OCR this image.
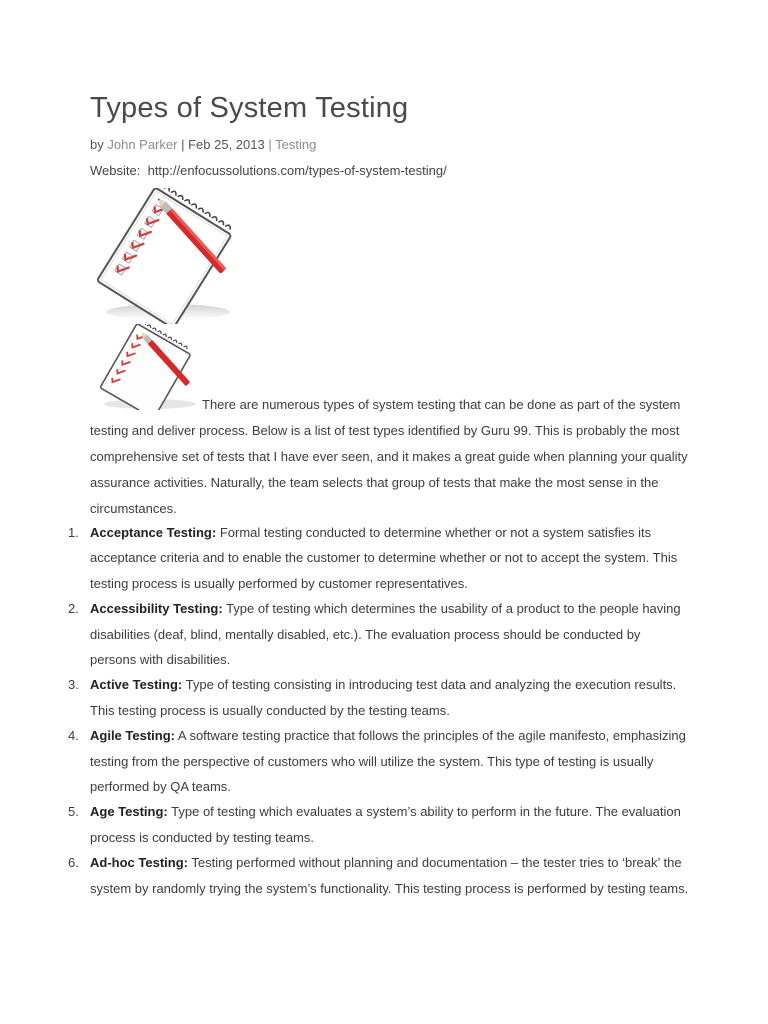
Types of System Testing
by John Parker | Feb 25, 2013 | Testing
Website: http://enfocussolutions.com/types-of-system-testing/

There are numerous types of system testing that can be done as part of the system testing and deliver process. Below is a list of test types identified by Guru 99. This is probably the most comprehensive set of tests that I have ever seen, and it makes a great guide when planning your quality assurance activities. Naturally, the team selects that group of tests that make the most sense in the circumstances.

1. Acceptance Testing: Formal testing conducted to determine whether or not a system satisfies its acceptance criteria and to enable the customer to determine whether or not to accept the system. This testing process is usually performed by customer representatives.
2. Accessibility Testing: Type of testing which determines the usability of a product to the people having disabilities (deaf, blind, mentally disabled, etc.). The evaluation process should be conducted by persons with disabilities.
3. Active Testing: Type of testing consisting in introducing test data and analyzing the execution results. This testing process is usually conducted by the testing teams.
4. Agile Testing: A software testing practice that follows the principles of the agile manifesto, emphasizing testing from the perspective of customers who will utilize the system. This type of testing is usually performed by QA teams.
5. Age Testing: Type of testing which evaluates a system’s ability to perform in the future. The evaluation process is conducted by testing teams.
6. Ad-hoc Testing: Testing performed without planning and documentation – the tester tries to ‘break’ the system by randomly trying the system’s functionality. This testing process is performed by testing teams.
